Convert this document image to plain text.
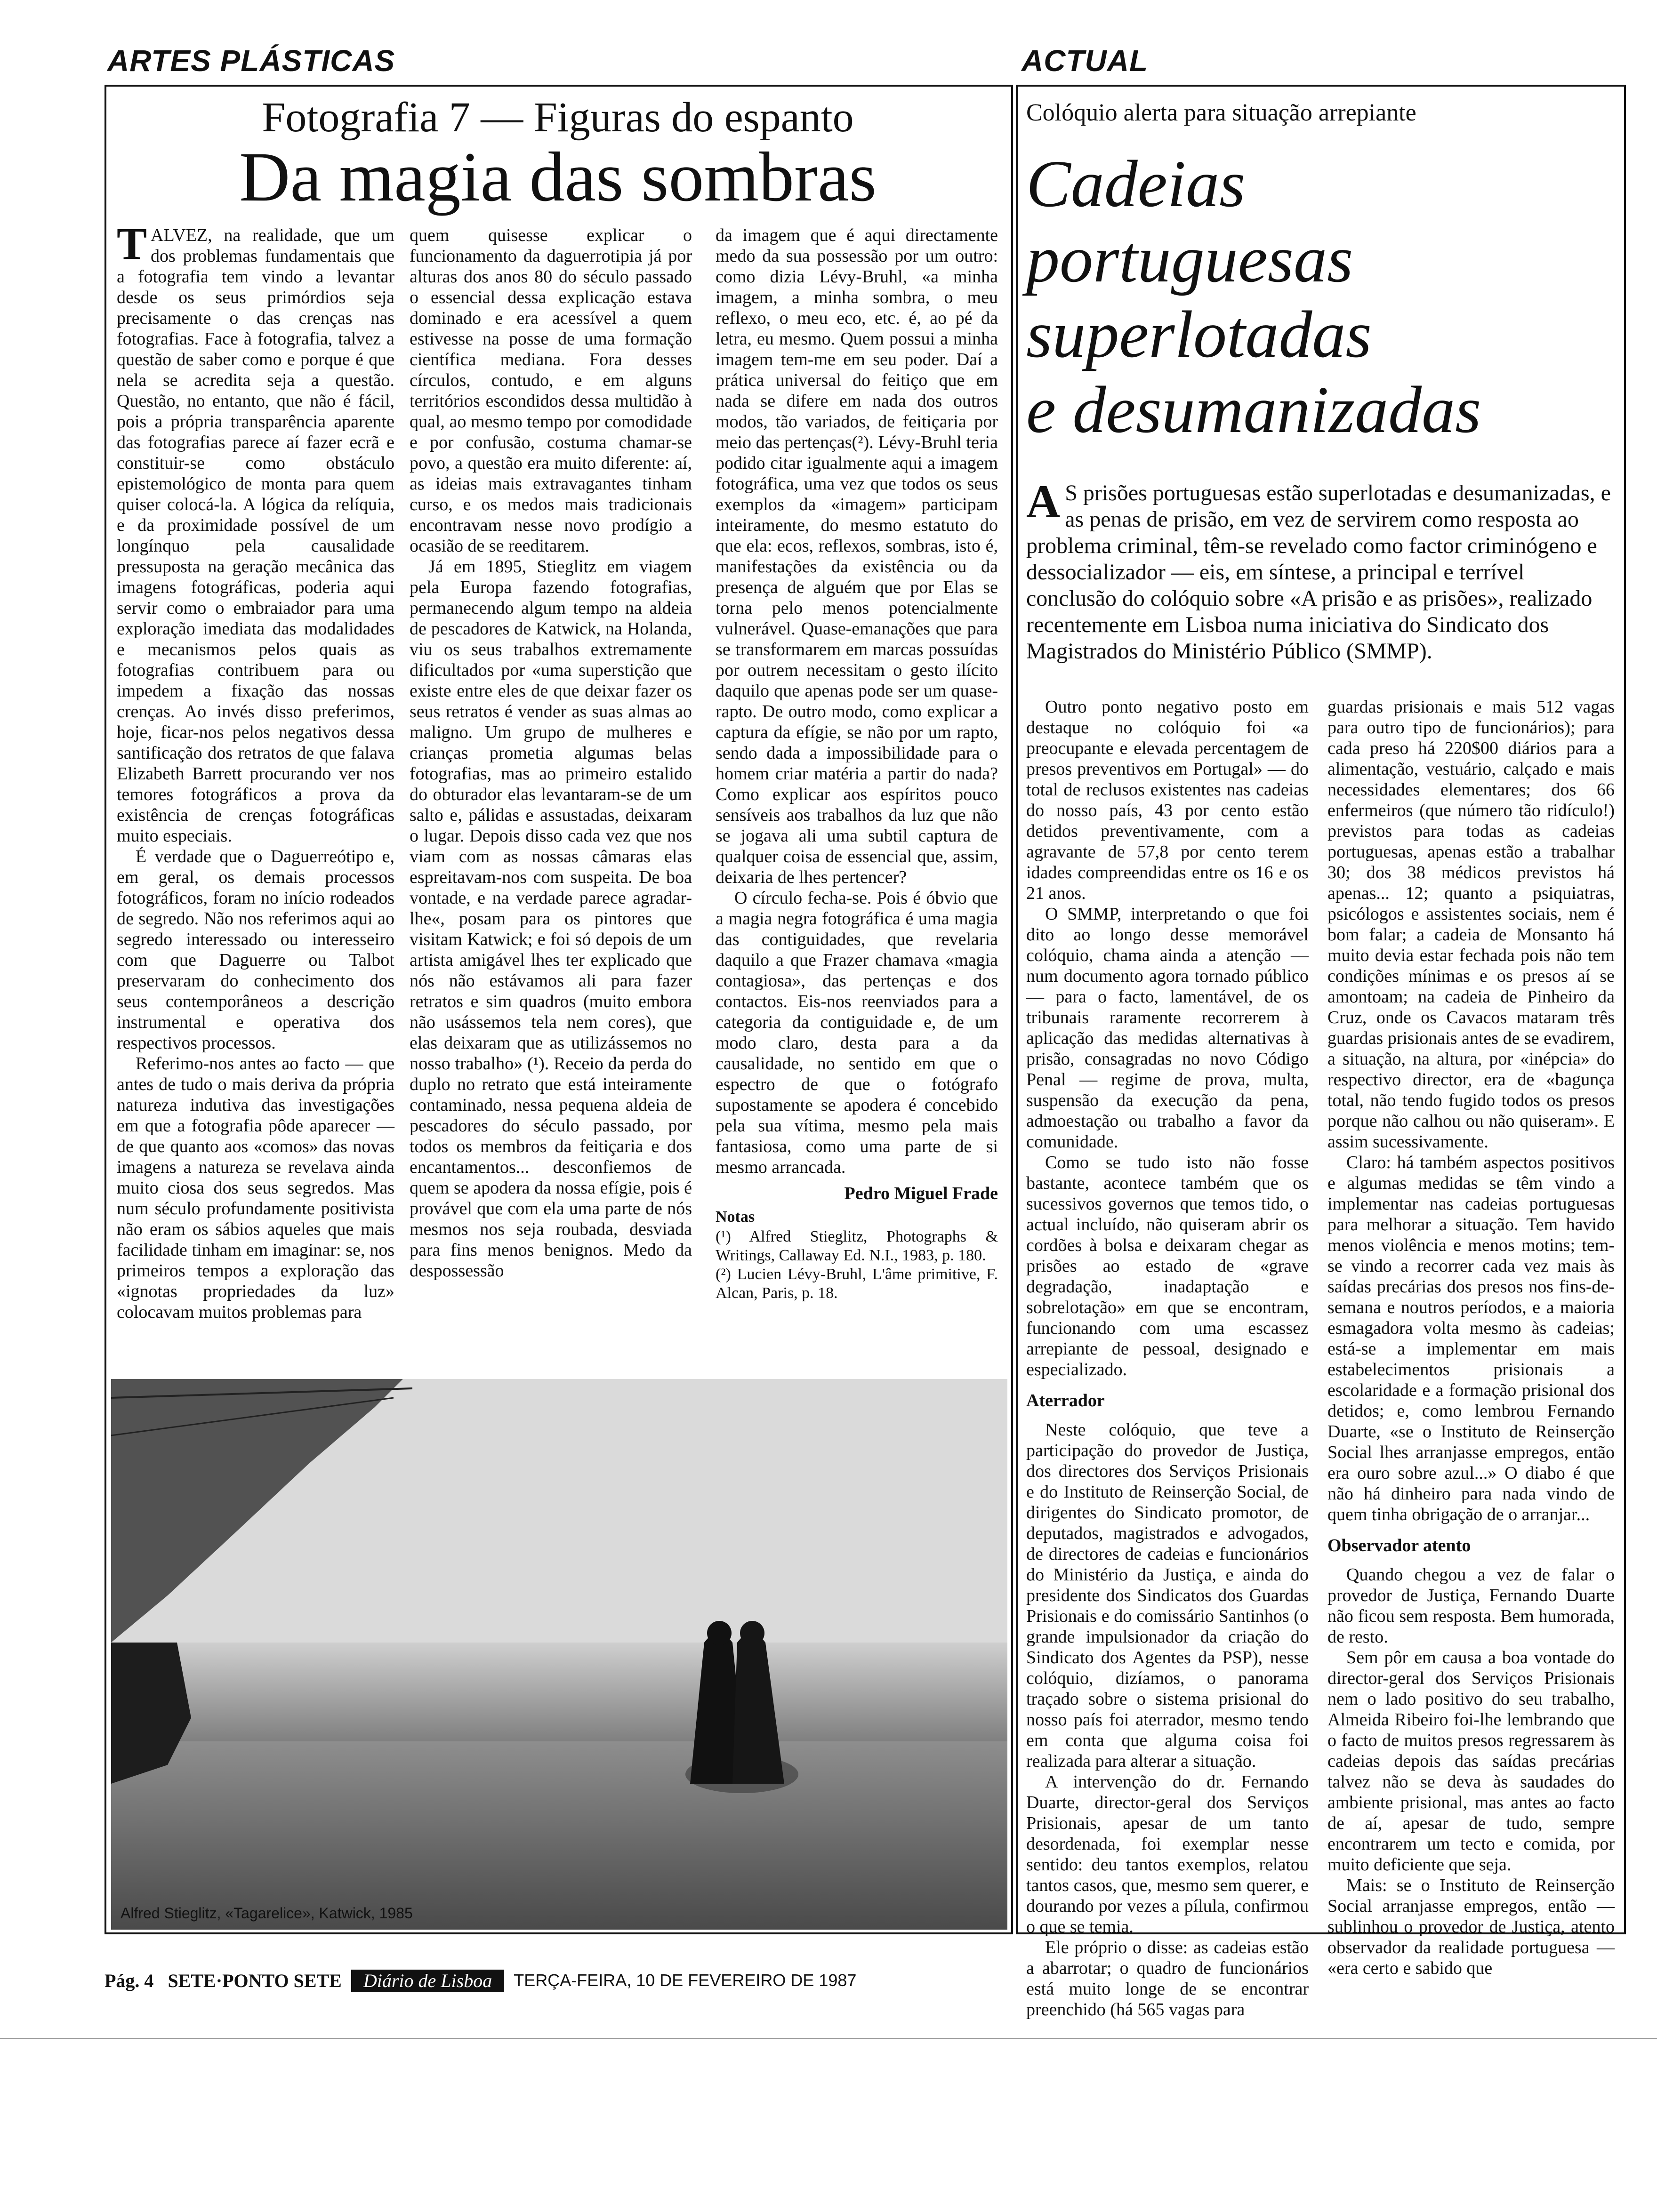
ARTES PLÁSTICAS	ACTUAL
Fotografia 7 — Figuras do espanto
Da magia das sombras

TALVEZ, na realidade, que um dos problemas fundamentais que a fotografia tem vindo a levantar desde os seus primórdios seja precisamente o das crenças nas fotografias. Face à fotografia, talvez a questão de saber como e porque é que nela se acredita seja a questão. Questão, no entanto, que não é fácil, pois a própria transparência aparente das fotografias parece aí fazer ecrã e constituir-se como obstáculo epistemológico de monta para quem quiser colocá-la. A lógica da relíquia, e da proximidade possível de um longínquo pela causalidade pressuposta na geração mecânica das imagens fotográficas, poderia aqui servir como o embraiador para uma exploração imediata das modalidades e mecanismos pelos quais as fotografias contribuem para ou impedem a fixação das nossas crenças. Ao invés disso preferimos, hoje, ficar-nos pelos negativos dessa santificação dos retratos de que falava Elizabeth Barrett procurando ver nos temores fotográficos a prova da existência de crenças fotográficas muito especiais.

É verdade que o Daguerreótipo e, em geral, os demais processos fotográficos, foram no início rodeados de segredo. Não nos referimos aqui ao segredo interessado ou interesseiro com que Daguerre ou Talbot preservaram do conhecimento dos seus contemporâneos a descrição instrumental e operativa dos respectivos processos.

Referimo-nos antes ao facto — que antes de tudo o mais deriva da própria natureza indutiva das investigações em que a fotografia pôde aparecer — de que quanto aos «comos» das novas imagens a natureza se revelava ainda muito ciosa dos seus segredos. Mas num século profundamente positivista não eram os sábios aqueles que mais facilidade tinham em imaginar: se, nos primeiros tempos a exploração das «ignotas propriedades da luz» colocavam muitos problemas para

quem quisesse explicar o funcionamento da daguerrotipia já por alturas dos anos 80 do século passado o essencial dessa explicação estava dominado e era acessível a quem estivesse na posse de uma formação científica mediana. Fora desses círculos, contudo, e em alguns territórios escondidos dessa multidão à qual, ao mesmo tempo por comodidade e por confusão, costuma chamar-se povo, a questão era muito diferente: aí, as ideias mais extravagantes tinham curso, e os medos mais tradicionais encontravam nesse novo prodígio a ocasião de se reeditarem.

Já em 1895, Stieglitz em viagem pela Europa fazendo fotografias, permanecendo algum tempo na aldeia de pescadores de Katwick, na Holanda, viu os seus trabalhos extremamente dificultados por «uma superstição que existe entre eles de que deixar fazer os seus retratos é vender as suas almas ao maligno. Um grupo de mulheres e crianças prometia algumas belas fotografias, mas ao primeiro estalido do obturador elas levantaram-se de um salto e, pálidas e assustadas, deixaram o lugar. Depois disso cada vez que nos viam com as nossas câmaras elas espreitavam-nos com suspeita. De boa vontade, e na verdade parece agradar-lhe«, posam para os pintores que visitam Katwick; e foi só depois de um artista amigável lhes ter explicado que nós não estávamos ali para fazer retratos e sim quadros (muito embora não usássemos tela nem cores), que elas deixaram que as utilizássemos no nosso trabalho» (¹). Receio da perda do duplo no retrato que está inteiramente contaminado, nessa pequena aldeia de pescadores do século passado, por todos os membros da feitiçaria e dos encantamentos... desconfiemos de quem se apodera da nossa efígie, pois é provável que com ela uma parte de nós mesmos nos seja roubada, desviada para fins menos benignos. Medo da despossessão

da imagem que é aqui directamente medo da sua possessão por um outro: como dizia Lévy-Bruhl, «a minha imagem, a minha sombra, o meu reflexo, o meu eco, etc. é, ao pé da letra, eu mesmo. Quem possui a minha imagem tem-me em seu poder. Daí a prática universal do feitiço que em nada se difere em nada dos outros modos, tão variados, de feitiçaria por meio das pertenças(²). Lévy-Bruhl teria podido citar igualmente aqui a imagem fotográfica, uma vez que todos os seus exemplos da «imagem» participam inteiramente, do mesmo estatuto do que ela: ecos, reflexos, sombras, isto é, manifestações da existência ou da presença de alguém que por Elas se torna pelo menos potencialmente vulnerável. Quase-emanações que para se transformarem em marcas possuídas por outrem necessitam o gesto ilícito daquilo que apenas pode ser um quase-rapto. De outro modo, como explicar a captura da efígie, se não por um rapto, sendo dada a impossibilidade para o homem criar matéria a partir do nada? Como explicar aos espíritos pouco sensíveis aos trabalhos da luz que não se jogava ali uma subtil captura de qualquer coisa de essencial que, assim, deixaria de lhes pertencer?

O círculo fecha-se. Pois é óbvio que a magia negra fotográfica é uma magia das contiguidades, que revelaria daquilo a que Frazer chamava «magia contagiosa», das pertenças e dos contactos. Eis-nos reenviados para a categoria da contiguidade e, de um modo claro, desta para a da causalidade, no sentido em que o espectro de que o fotógrafo supostamente se apodera é concebido pela sua vítima, mesmo pela mais fantasiosa, como uma parte de si mesmo arrancada.

Pedro Miguel Frade
Notas
(¹) Alfred Stieglitz, Photographs & Writings, Callaway Ed. N.I., 1983, p. 180.
(²) Lucien Lévy-Bruhl, L'âme primitive, F. Alcan, Paris, p. 18.
Alfred Stieglitz, «Tagarelice», Katwick, 1985
Colóquio alerta para situação arrepiante
Cadeias
portuguesas
superlotadas
e desumanizadas
A S prisões portuguesas estão superlotadas e desumanizadas, e as penas de prisão, em vez de servirem como resposta ao problema criminal, têm-se revelado como factor criminógeno e dessocializador — eis, em síntese, a principal e terrível conclusão do colóquio sobre «A prisão e as prisões», realizado recentemente em Lisboa numa iniciativa do Sindicato dos Magistrados do Ministério Público (SMMP).

Outro ponto negativo posto em destaque no colóquio foi «a preocupante e elevada percentagem de presos preventivos em Portugal» — do total de reclusos existentes nas cadeias do nosso país, 43 por cento estão detidos preventivamente, com a agravante de 57,8 por cento terem idades compreendidas entre os 16 e os 21 anos.

O SMMP, interpretando o que foi dito ao longo desse memorável colóquio, chama ainda a atenção — num documento agora tornado público — para o facto, lamentável, de os tribunais raramente recorrerem à aplicação das medidas alternativas à prisão, consagradas no novo Código Penal — regime de prova, multa, suspensão da execução da pena, admoestação ou trabalho a favor da comunidade.

Como se tudo isto não fosse bastante, acontece também que os sucessivos governos que temos tido, o actual incluído, não quiseram abrir os cordões à bolsa e deixaram chegar as prisões ao estado de «grave degradação, inadaptação e sobrelotação» em que se encontram, funcionando com uma escassez arrepiante de pessoal, designado e especializado.

Aterrador

Neste colóquio, que teve a participação do provedor de Justiça, dos directores dos Serviços Prisionais e do Instituto de Reinserção Social, de dirigentes do Sindicato promotor, de deputados, magistrados e advogados, de directores de cadeias e funcionários do Ministério da Justiça, e ainda do presidente dos Sindicatos dos Guardas Prisionais e do comissário Santinhos (o grande impulsionador da criação do Sindicato dos Agentes da PSP), nesse colóquio, dizíamos, o panorama traçado sobre o sistema prisional do nosso país foi aterrador, mesmo tendo em conta que alguma coisa foi realizada para alterar a situação.

A intervenção do dr. Fernando Duarte, director-geral dos Serviços Prisionais, apesar de um tanto desordenada, foi exemplar nesse sentido: deu tantos exemplos, relatou tantos casos, que, mesmo sem querer, e dourando por vezes a pílula, confirmou o que se temia.

Ele próprio o disse: as cadeias estão a abarrotar; o quadro de funcionários está muito longe de se encontrar preenchido (há 565 vagas para

guardas prisionais e mais 512 vagas para outro tipo de funcionários); para cada preso há 220$00 diários para a alimentação, vestuário, calçado e mais necessidades elementares; dos 66 enfermeiros (que número tão ridículo!) previstos para todas as cadeias portuguesas, apenas estão a trabalhar 30; dos 38 médicos previstos há apenas... 12; quanto a psiquiatras, psicólogos e assistentes sociais, nem é bom falar; a cadeia de Monsanto há muito devia estar fechada pois não tem condições mínimas e os presos aí se amontoam; na cadeia de Pinheiro da Cruz, onde os Cavacos mataram três guardas prisionais antes de se evadirem, a situação, na altura, por «inépcia» do respectivo director, era de «bagunça total, não tendo fugido todos os presos porque não calhou ou não quiseram». E assim sucessivamente.

Claro: há também aspectos positivos e algumas medidas se têm vindo a implementar nas cadeias portuguesas para melhorar a situação. Tem havido menos violência e menos motins; tem-se vindo a recorrer cada vez mais às saídas precárias dos presos nos fins-de-semana e noutros períodos, e a maioria esmagadora volta mesmo às cadeias; está-se a implementar em mais estabelecimentos prisionais a escolaridade e a formação prisional dos detidos; e, como lembrou Fernando Duarte, «se o Instituto de Reinserção Social lhes arranjasse empregos, então era ouro sobre azul...» O diabo é que não há dinheiro para nada vindo de quem tinha obrigação de o arranjar...

Observador atento

Quando chegou a vez de falar o provedor de Justiça, Fernando Duarte não ficou sem resposta. Bem humorada, de resto.

Sem pôr em causa a boa vontade do director-geral dos Serviços Prisionais nem o lado positivo do seu trabalho, Almeida Ribeiro foi-lhe lembrando que o facto de muitos presos regressarem às cadeias depois das saídas precárias talvez não se deva às saudades do ambiente prisional, mas antes ao facto de aí, apesar de tudo, sempre encontrarem um tecto e comida, por muito deficiente que seja.

Mais: se o Instituto de Reinserção Social arranjasse empregos, então — sublinhou o provedor de Justiça, atento observador da realidade portuguesa — «era certo e sabido que

Pág. 4 SETE·PONTO SETE	Diário de Lisboa	TERÇA-FEIRA, 10 DE FEVEREIRO DE 1987
